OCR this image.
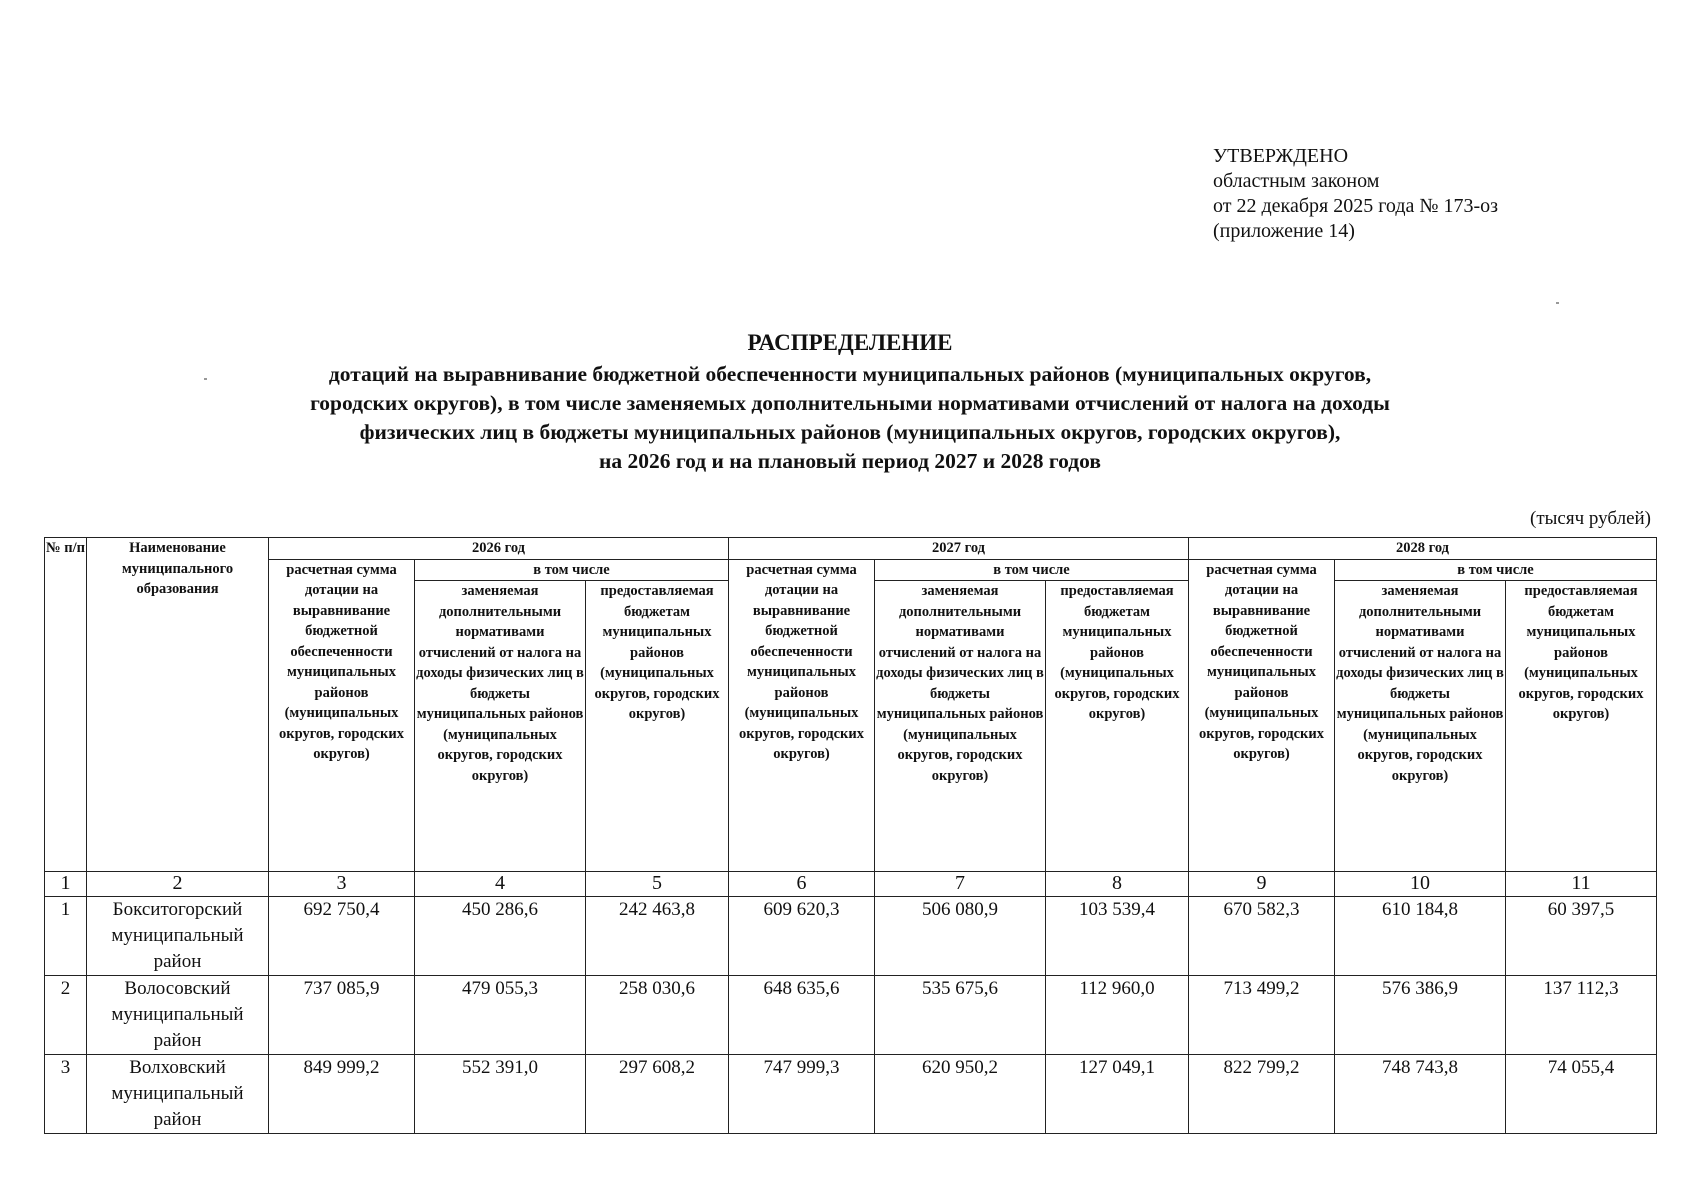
УТВЕРЖДЕНО
областным законом
от 22 декабря 2025 года № 173-оз
(приложение 14)
РАСПРЕДЕЛЕНИЕ
дотаций на выравнивание бюджетной обеспеченности муниципальных районов (муниципальных округов,
городских округов), в том числе заменяемых дополнительными нормативами отчислений от налога на доходы
физических лиц в бюджеты муниципальных районов (муниципальных округов, городских округов),
на 2026 год и на плановый период 2027 и 2028 годов
(тысяч рублей)
№ п/п	Наименование муниципального образования	2026 год			2027 год			2028 год		
		расчетная сумма дотации на выравнивание бюджетной обеспеченности муниципальных районов (муниципальных округов, городских округов)	в том числе		расчетная сумма дотации на выравнивание бюджетной обеспеченности муниципальных районов (муниципальных округов, городских округов)	в том числе		расчетная сумма дотации на выравнивание бюджетной обеспеченности муниципальных районов (муниципальных округов, городских округов)	в том числе	
			заменяемая дополнительными нормативами отчислений от налога на доходы физических лиц в бюджеты муниципальных районов (муниципальных округов, городских округов)	предоставляемая бюджетам муниципальных районов (муниципальных округов, городских округов)		заменяемая дополнительными нормативами отчислений от налога на доходы физических лиц в бюджеты муниципальных районов (муниципальных округов, городских округов)	предоставляемая бюджетам муниципальных районов (муниципальных округов, городских округов)		заменяемая дополнительными нормативами отчислений от налога на доходы физических лиц в бюджеты муниципальных районов (муниципальных округов, городских округов)	предоставляемая бюджетам муниципальных районов (муниципальных округов, городских округов)
1	2	3	4	5	6	7	8	9	10	11
1	Бокситогорский муниципальный район	692 750,4	450 286,6	242 463,8	609 620,3	506 080,9	103 539,4	670 582,3	610 184,8	60 397,5
2	Волосовский муниципальный район	737 085,9	479 055,3	258 030,6	648 635,6	535 675,6	112 960,0	713 499,2	576 386,9	137 112,3
3	Волховский муниципальный район	849 999,2	552 391,0	297 608,2	747 999,3	620 950,2	127 049,1	822 799,2	748 743,8	74 055,4
